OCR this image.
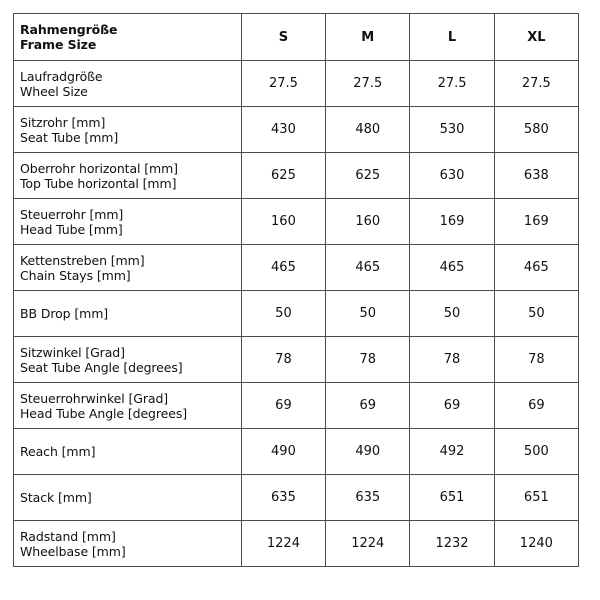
Rahmengröße
Frame Size	S	M	L	XL

Laufradgröße
Wheel Size	27.5	27.5	27.5	27.5

Sitzrohr [mm]
Seat Tube [mm]	430	480	530	580

Oberrohr horizontal [mm]
Top Tube horizontal [mm]	625	625	630	638

Steuerrohr [mm]
Head Tube [mm]	160	160	169	169

Kettenstreben [mm]
Chain Stays [mm]	465	465	465	465

BB Drop [mm]	50	50	50	50

Sitzwinkel [Grad]
Seat Tube Angle [degrees]	78	78	78	78

Steuerrohrwinkel [Grad]
Head Tube Angle [degrees]	69	69	69	69

Reach [mm]	490	490	492	500

Stack [mm]	635	635	651	651

Radstand [mm]
Wheelbase [mm]	1224	1224	1232	1240
